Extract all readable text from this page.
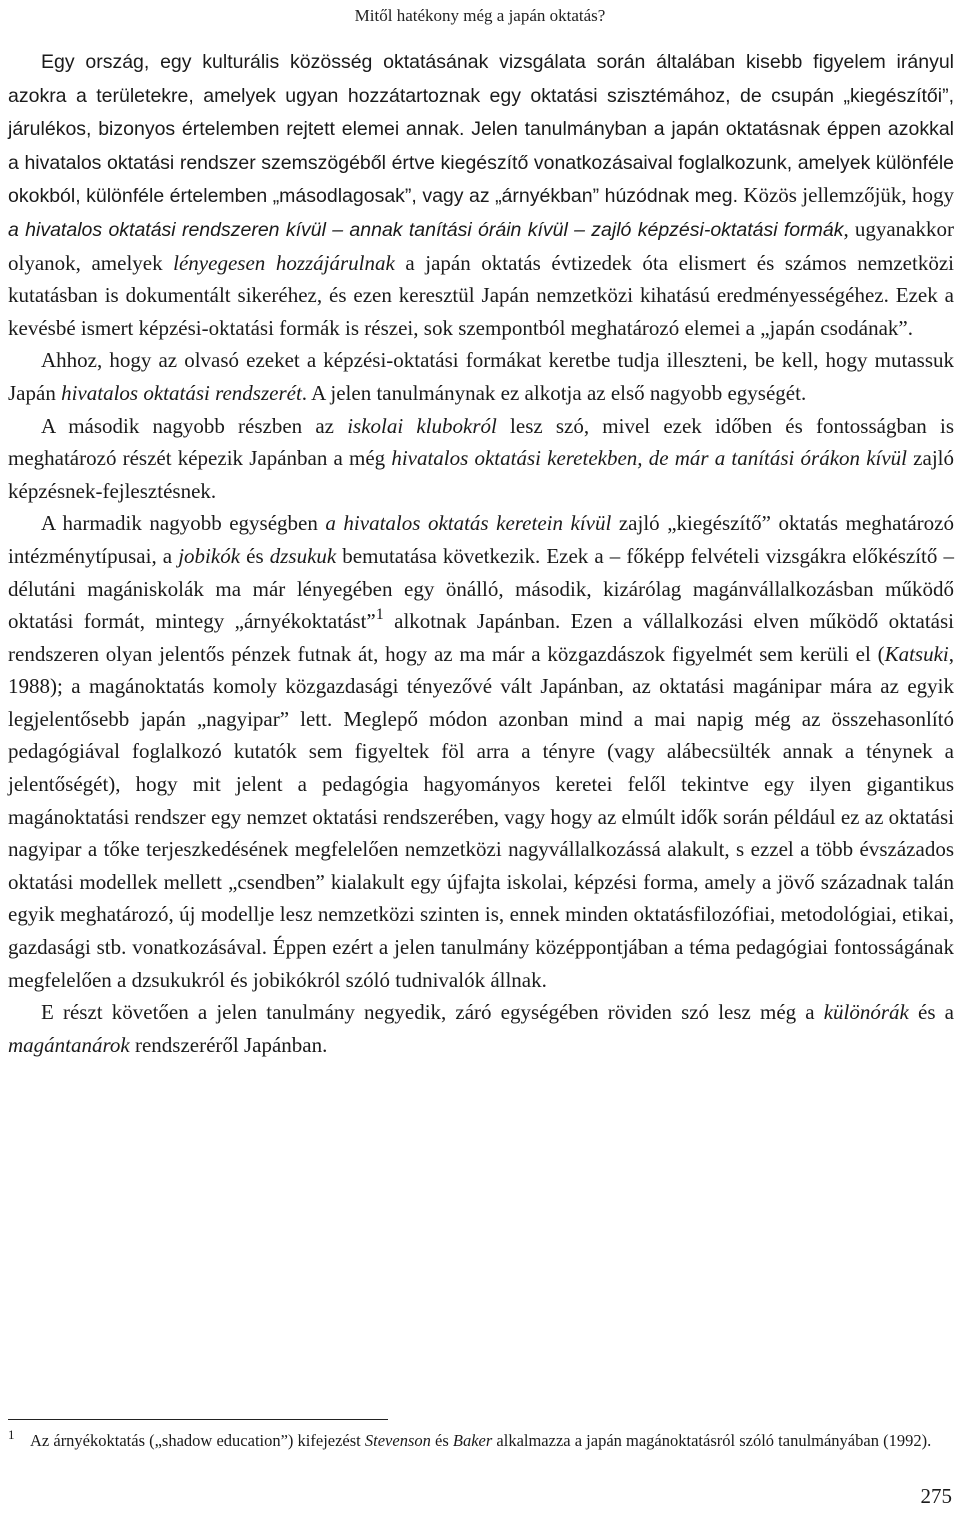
Mitől hatékony még a japán oktatás?

Egy ország, egy kulturális közösség oktatásának vizsgálata során általában kisebb figyelem irányul azokra a területekre, amelyek ugyan hozzátartoznak egy oktatási szisztémához, de csupán „kiegészítői”, járulékos, bizonyos értelemben rejtett elemei annak. Jelen tanulmányban a japán oktatásnak éppen azokkal a hivatalos oktatási rendszer szemszögéből értve kiegészítő vonatkozásaival foglalkozunk, amelyek különféle okokból, különféle értelemben „másodlagosak”, vagy az „árnyékban” húzódnak meg. Közös jellemzőjük, hogy a hivatalos oktatási rendszeren kívül – annak tanítási óráin kívül – zajló képzési-oktatási formák, ugyanakkor olyanok, amelyek lényegesen hozzájárulnak a japán oktatás évtizedek óta elismert és számos nemzetközi kutatásban is dokumentált sikeréhez, és ezen keresztül Japán nemzetközi kihatású eredményességéhez. Ezek a kevésbé ismert képzési-oktatási formák is részei, sok szempontból meghatározó elemei a „japán csodának”.

Ahhoz, hogy az olvasó ezeket a képzési-oktatási formákat keretbe tudja illeszteni, be kell, hogy mutassuk Japán hivatalos oktatási rendszerét. A jelen tanulmánynak ez alkotja az első nagyobb egységét.

A második nagyobb részben az iskolai klubokról lesz szó, mivel ezek időben és fontosságban is meghatározó részét képezik Japánban a még hivatalos oktatási keretekben, de már a tanítási órákon kívül zajló képzésnek-fejlesztésnek.

A harmadik nagyobb egységben a hivatalos oktatás keretein kívül zajló „kiegészítő” oktatás meghatározó intézménytípusai, a jobikók és dzsukuk bemutatása következik. Ezek a – főképp felvételi vizsgákra előkészítő – délutáni magániskolák ma már lényegében egy önálló, második, kizárólag magánvállalkozásban működő oktatási formát, mintegy „árnyékoktatást”$^1$ alkotnak Japánban. Ezen a vállalkozási elven működő oktatási rendszeren olyan jelentős pénzek futnak át, hogy az ma már a közgazdászok figyelmét sem kerüli el (Katsuki, 1988); a magánoktatás komoly közgazdasági tényezővé vált Japánban, az oktatási magánipar mára az egyik legjelentősebb japán „nagyipar” lett. Meglepő módon azonban mind a mai napig még az összehasonlító pedagógiával foglalkozó kutatók sem figyeltek föl arra a tényre (vagy alábecsülték annak a ténynek a jelentőségét), hogy mit jelent a pedagógia hagyományos keretei felől tekintve egy ilyen gigantikus magánoktatási rendszer egy nemzet oktatási rendszerében, vagy hogy az elmúlt idők során például ez az oktatási nagyipar a tőke terjeszkedésének megfelelően nemzetközi nagyvállalkozássá alakult, s ezzel a több évszázados oktatási modellek mellett „csendben” kialakult egy újfajta iskolai, képzési forma, amely a jövő századnak talán egyik meghatározó, új modellje lesz nemzetközi szinten is, ennek minden oktatásfilozófiai, metodológiai, etikai, gazdasági stb. vonatkozásával. Éppen ezért a jelen tanulmány középpontjában a téma pedagógiai fontosságának megfelelően a dzsukukról és jobikókról szóló tudnivalók állnak.

E részt követően a jelen tanulmány negyedik, záró egységében röviden szó lesz még a különórák és a magántanárok rendszeréről Japánban.

1 Az árnyékoktatás („shadow education”) kifejezést Stevenson és Baker alkalmazza a japán magánoktatásról szóló tanulmányában (1992).
275
